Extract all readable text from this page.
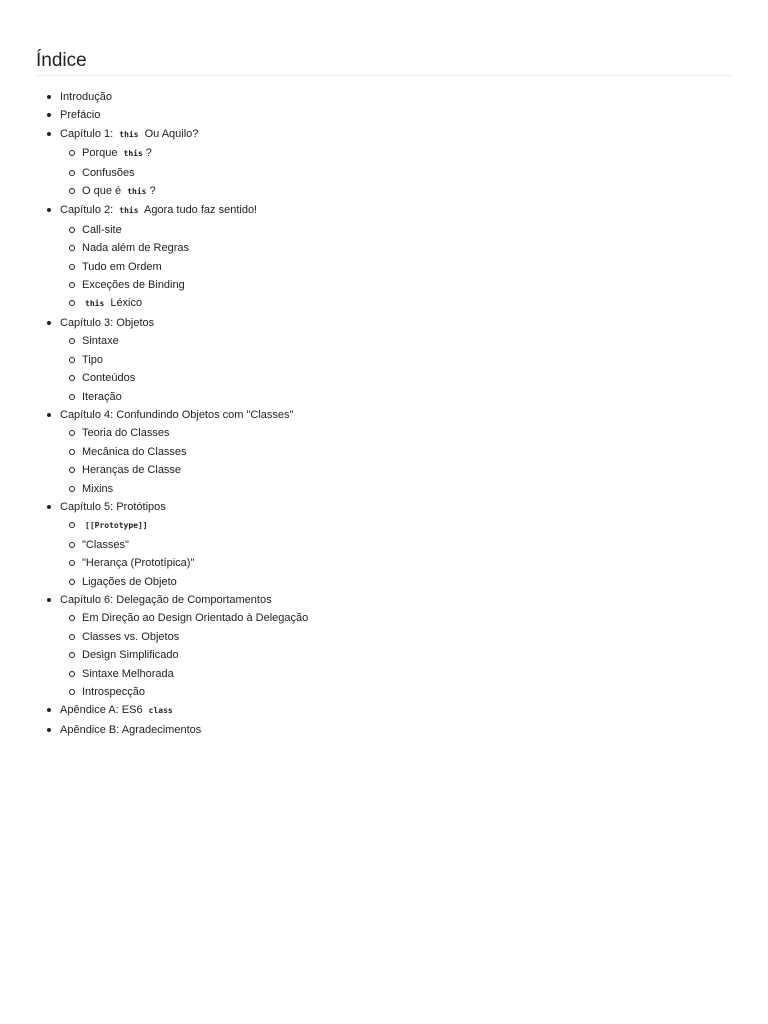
Índice
Introdução
Prefácio
Capítulo 1: this Ou Aquilo?
Porque this ?
Confusões
O que é this ?
Capítulo 2: this Agora tudo faz sentido!
Call-site
Nada além de Regras
Tudo em Ordem
Exceções de Binding
this Léxico
Capítulo 3: Objetos
Sintaxe
Tipo
Conteúdos
Iteração
Capítulo 4: Confundindo Objetos com "Classes"
Teoria do Classes
Mecânica do Classes
Heranças de Classe
Mixins
Capítulo 5: Protótipos
[[Prototype]]
"Classes"
"Herança (Prototípica)"
Ligações de Objeto
Capítulo 6: Delegação de Comportamentos
Em Direção ao Design Orientado à Delegação
Classes vs. Objetos
Design Simplificado
Sintaxe Melhorada
Introspecção
Apêndice A: ES6 class
Apêndice B: Agradecimentos
